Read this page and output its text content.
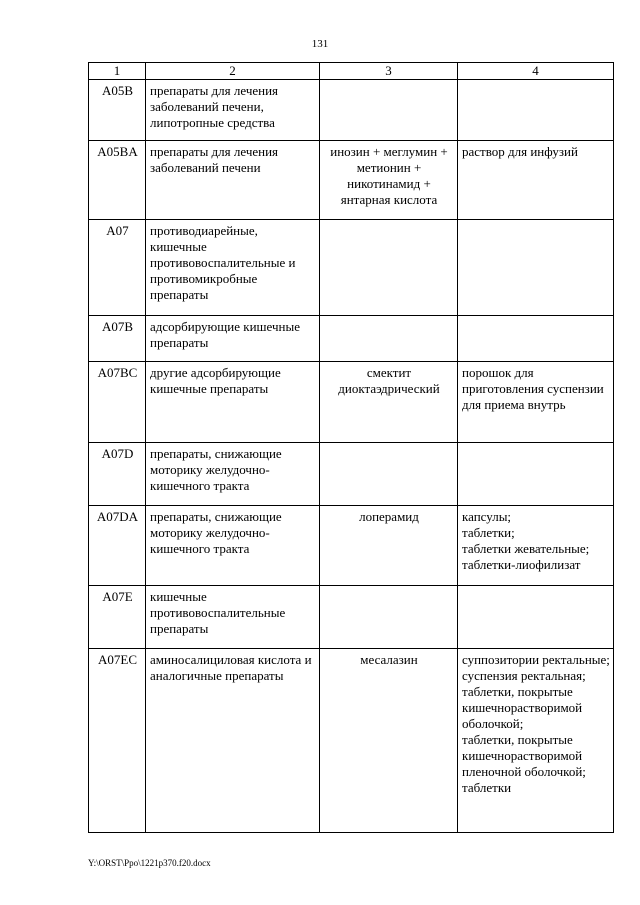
131
1	2	3	4
A05B	препараты для лечения заболеваний печени, липотропные средства		
A05BA	препараты для лечения заболеваний печени	инозин + меглумин + метионин + никотинамид + янтарная кислота	раствор для инфузий
A07	противодиарейные, кишечные противовоспалительные и противомикробные препараты		
A07B	адсорбирующие кишечные препараты		
A07BC	другие адсорбирующие кишечные препараты	смектит диоктаэдрический	порошок для приготовления суспензии для приема внутрь
A07D	препараты, снижающие моторику желудочно-кишечного тракта		
A07DA	препараты, снижающие моторику желудочно-кишечного тракта	лоперамид	капсулы;
таблетки;
таблетки жевательные;
таблетки-лиофилизат
A07E	кишечные противовоспалительные препараты		
A07EC	аминосалициловая кислота и аналогичные препараты	месалазин	суппозитории ректальные;
суспензия ректальная;
таблетки, покрытые кишечнорастворимой оболочкой;
таблетки, покрытые кишечнорастворимой пленочной оболочкой;
таблетки
Y:\ORST\Ppo\1221p370.f20.docx
